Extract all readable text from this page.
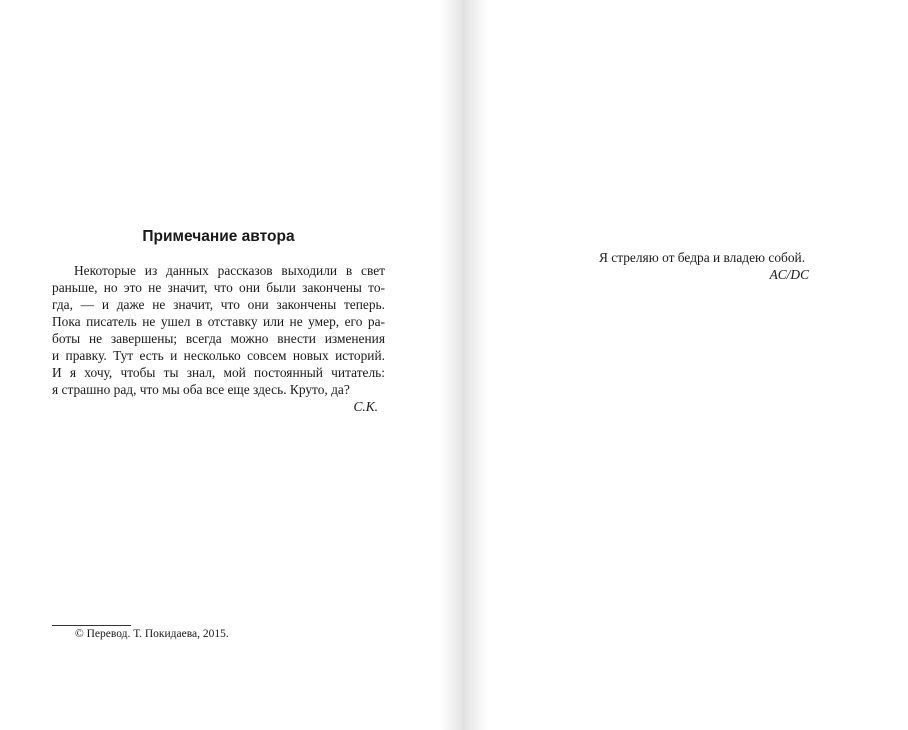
Примечание автора
Некоторые из данных рассказов выходили в свет
раньше, но это не значит, что они были закончены то-
гда, — и даже не значит, что они закончены теперь.
Пока писатель не ушел в отставку или не умер, его ра-
боты не завершены; всегда можно внести изменения
и правку. Тут есть и несколько совсем новых историй.
И я хочу, чтобы ты знал, мой постоянный читатель:
я страшно рад, что мы оба все еще здесь. Круто, да?
С.К.
© Перевод. Т. Покидаева, 2015.
Я стреляю от бедра и владею собой.
AC/DC
